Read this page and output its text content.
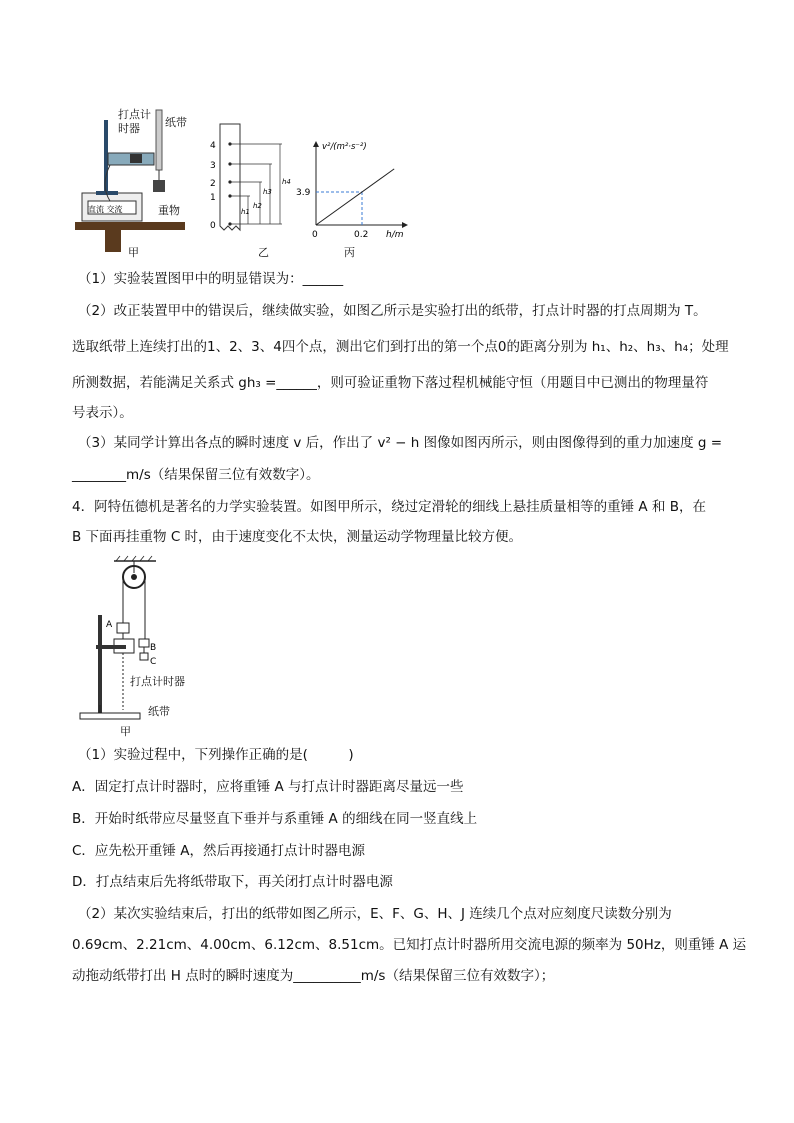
直流 交流
打点计时器	纸带
重物
甲
4
3
2
1
0
h1
h2
h3
h4
乙
v²/(m²·s⁻²)
3.9
0.2
0	h/m
丙
（1）实验装置图甲中的明显错误为：______
（2）改正装置甲中的错误后，继续做实验，如图乙所示是实验打出的纸带，打点计时器的打点周期为 T。
选取纸带上连续打出的1、2、3、4四个点，测出它们到打出的第一个点0的距离分别为 h₁、h₂、h₃、h₄；处理
所测数据，若能满足关系式 gh₃ =______，则可验证重物下落过程机械能守恒（用题目中已测出的物理量符
号表示）。
（3）某同学计算出各点的瞬时速度 v 后，作出了 v² − h 图像如图丙所示，则由图像得到的重力加速度 g =
________m/s（结果保留三位有效数字）。
4．阿特伍德机是著名的力学实验装置。如图甲所示，绕过定滑轮的细线上悬挂质量相等的重锤 A 和 B，在
B 下面再挂重物 C 时，由于速度变化不太快，测量运动学物理量比较方便。
A
B
C
打点计时器
纸带
甲
（1）实验过程中，下列操作正确的是(　　　)
A．固定打点计时器时，应将重锤 A 与打点计时器距离尽量远一些
B．开始时纸带应尽量竖直下垂并与系重锤 A 的细线在同一竖直线上
C．应先松开重锤 A，然后再接通打点计时器电源
D．打点结束后先将纸带取下，再关闭打点计时器电源
（2）某次实验结束后，打出的纸带如图乙所示，E、F、G、H、J 连续几个点对应刻度尺读数分别为
0.69cm、2.21cm、4.00cm、6.12cm、8.51cm。已知打点计时器所用交流电源的频率为 50Hz，则重锤 A 运
动拖动纸带打出 H 点时的瞬时速度为__________m/s（结果保留三位有效数字）；
